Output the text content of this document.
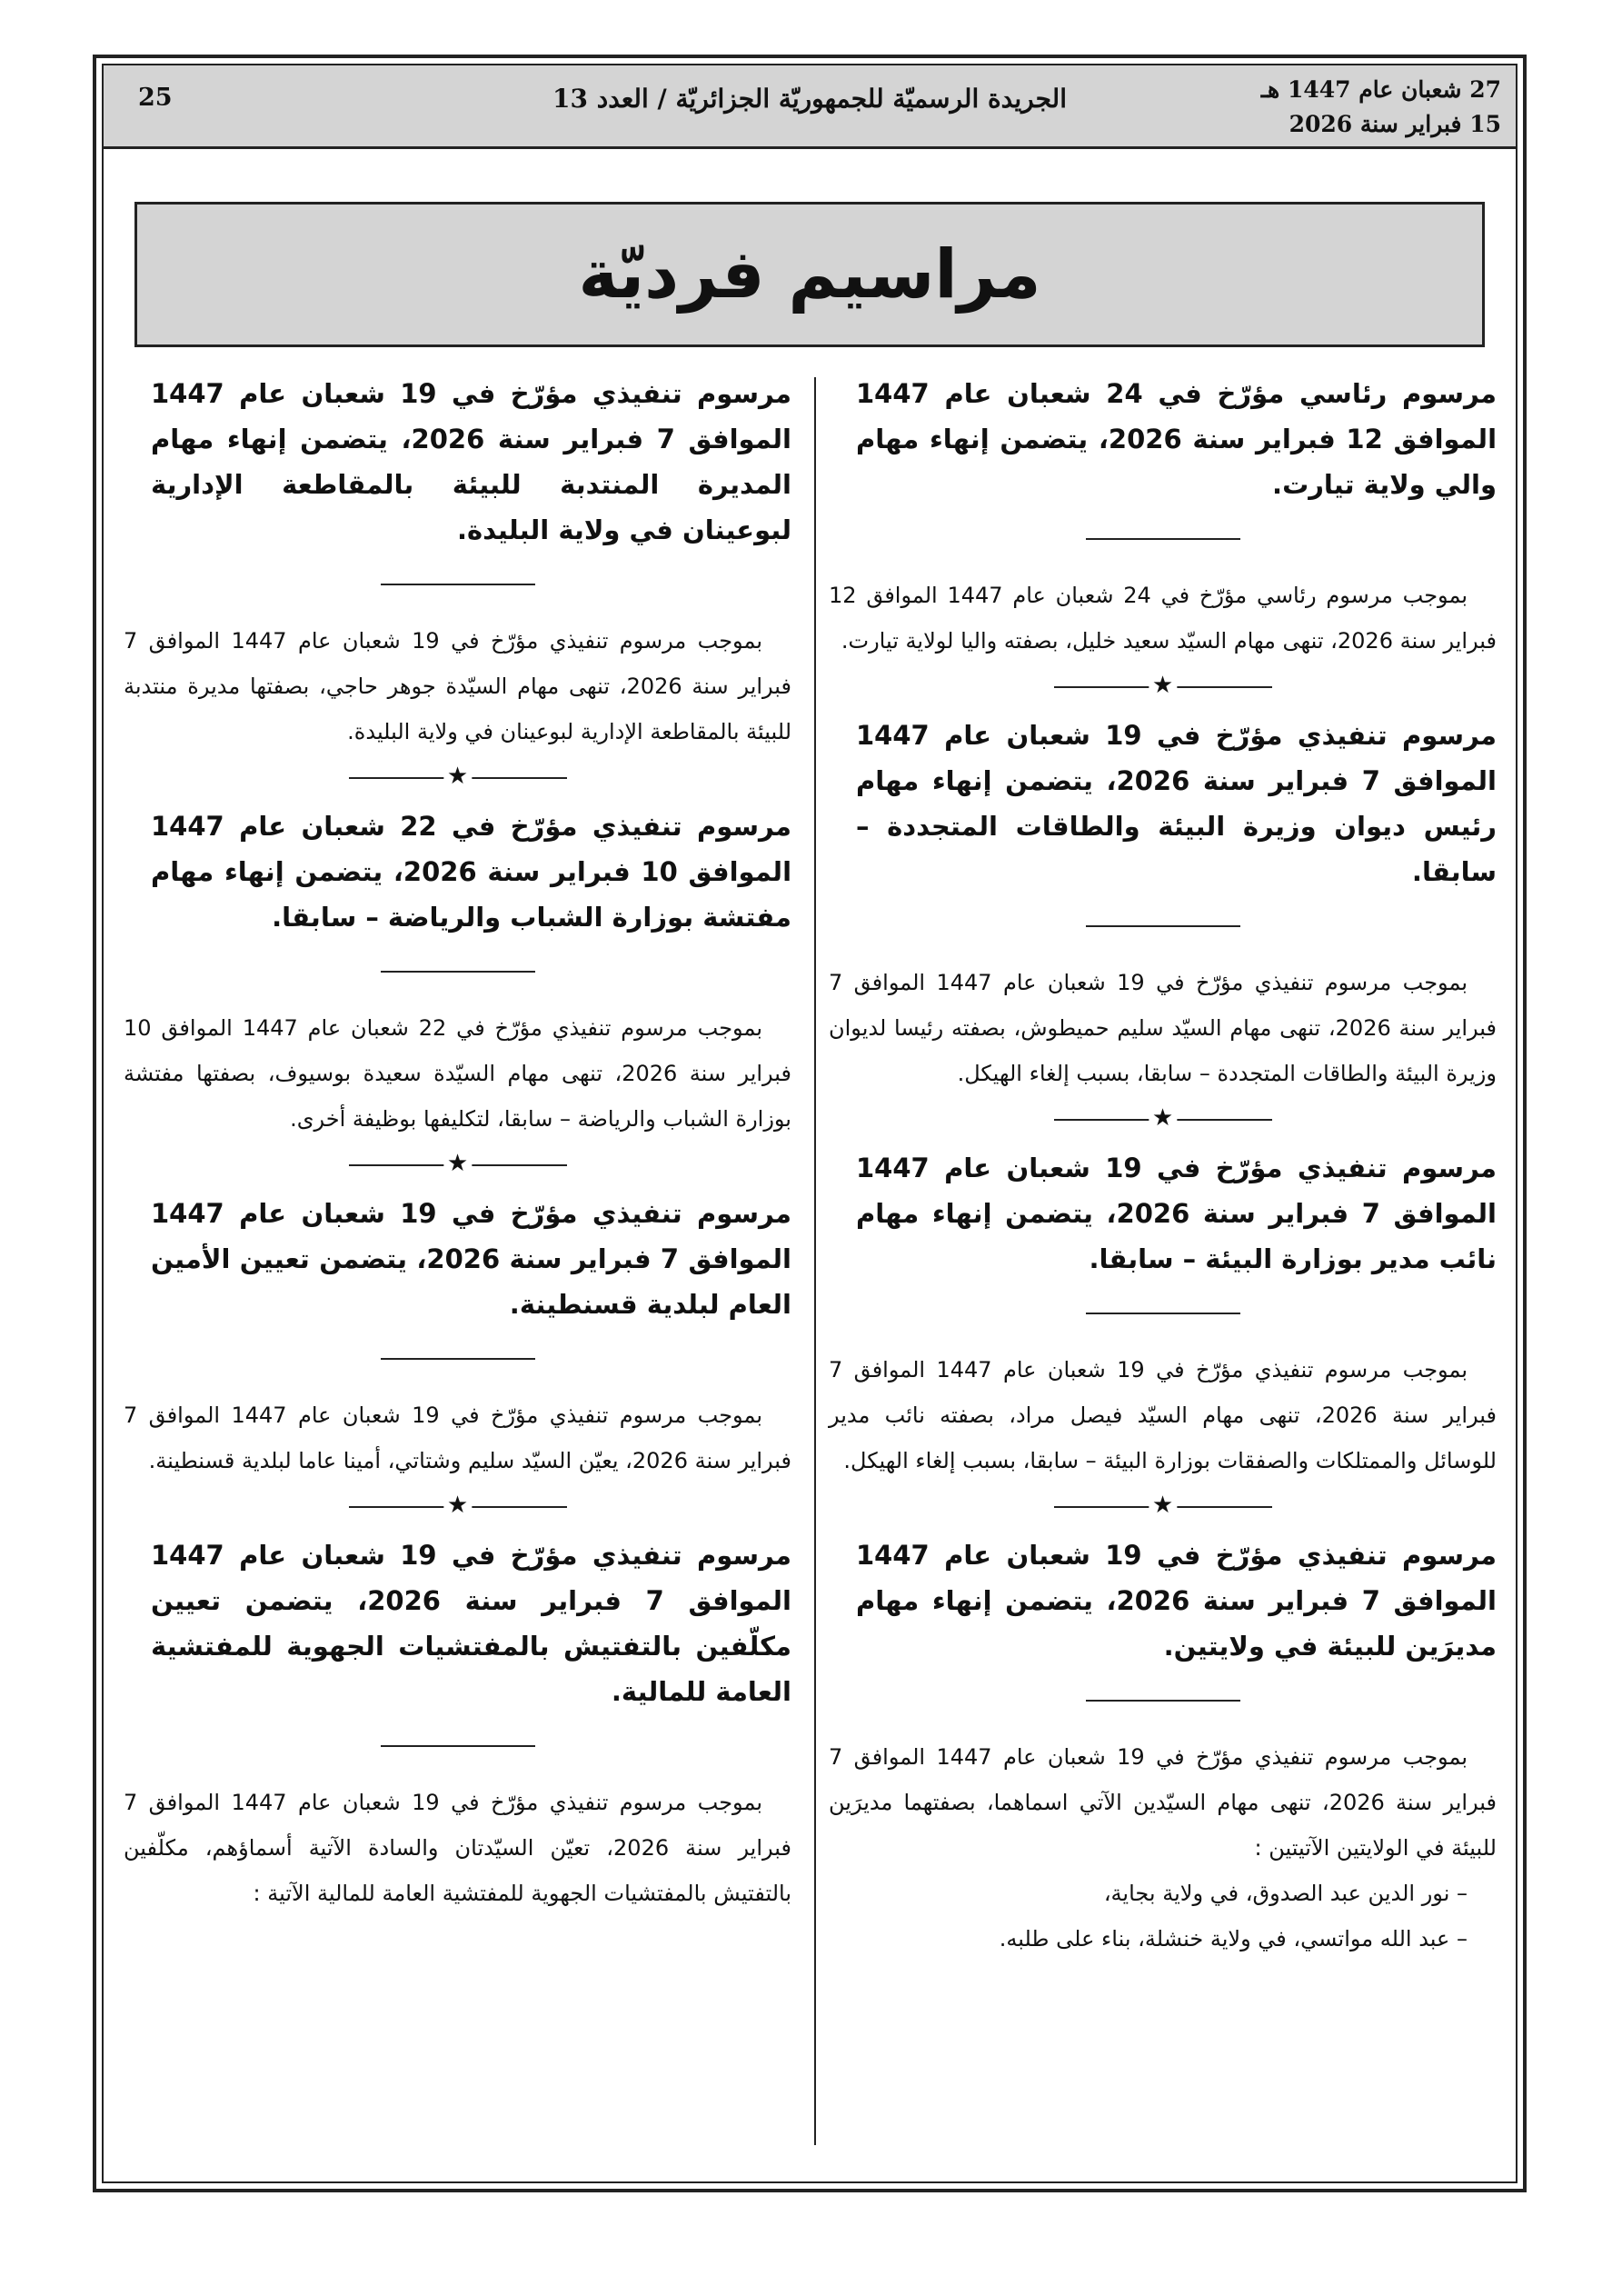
25	الجريدة الرسميّة للجمهوريّة الجزائريّة / العدد 13	27 شعبان عام 1447 هـ
15 فبراير سنة 2026
مراسيم فرديّة

مرسوم رئاسي مؤرّخ في 24 شعبان عام 1447 الموافق 12 فبراير سنة 2026، يتضمن إنهاء مهام والي ولاية تيارت.

بموجب مرسوم رئاسي مؤرّخ في 24 شعبان عام 1447 الموافق 12 فبراير سنة 2026، تنهى مهام السيّد سعيد خليل، بصفته واليا لولاية تيارت.

★

مرسوم تنفيذي مؤرّخ في 19 شعبان عام 1447 الموافق 7 فبراير سنة 2026، يتضمن إنهاء مهام رئيس ديوان وزيرة البيئة والطاقات المتجددة – سابقا.

بموجب مرسوم تنفيذي مؤرّخ في 19 شعبان عام 1447 الموافق 7 فبراير سنة 2026، تنهى مهام السيّد سليم حميطوش، بصفته رئيسا لديوان وزيرة البيئة والطاقات المتجددة – سابقا، بسبب إلغاء الهيكل.

★

مرسوم تنفيذي مؤرّخ في 19 شعبان عام 1447 الموافق 7 فبراير سنة 2026، يتضمن إنهاء مهام نائب مدير بوزارة البيئة – سابقا.

بموجب مرسوم تنفيذي مؤرّخ في 19 شعبان عام 1447 الموافق 7 فبراير سنة 2026، تنهى مهام السيّد فيصل مراد، بصفته نائب مدير للوسائل والممتلكات والصفقات بوزارة البيئة – سابقا، بسبب إلغاء الهيكل.

★

مرسوم تنفيذي مؤرّخ في 19 شعبان عام 1447 الموافق 7 فبراير سنة 2026، يتضمن إنهاء مهام مديرَين للبيئة في ولايتين.

بموجب مرسوم تنفيذي مؤرّخ في 19 شعبان عام 1447 الموافق 7 فبراير سنة 2026، تنهى مهام السيّدين الآتي اسماهما، بصفتهما مديرَين للبيئة في الولايتين الآتيتين :

– نور الدين عبد الصدوق، في ولاية بجاية،

– عبد الله مواتسي، في ولاية خنشلة، بناء على طلبه.

مرسوم تنفيذي مؤرّخ في 19 شعبان عام 1447 الموافق 7 فبراير سنة 2026، يتضمن إنهاء مهام المديرة المنتدبة للبيئة بالمقاطعة الإدارية لبوعينان في ولاية البليدة.

بموجب مرسوم تنفيذي مؤرّخ في 19 شعبان عام 1447 الموافق 7 فبراير سنة 2026، تنهى مهام السيّدة جوهر حاجي، بصفتها مديرة منتدبة للبيئة بالمقاطعة الإدارية لبوعينان في ولاية البليدة.

★

مرسوم تنفيذي مؤرّخ في 22 شعبان عام 1447 الموافق 10 فبراير سنة 2026، يتضمن إنهاء مهام مفتشة بوزارة الشباب والرياضة – سابقا.

بموجب مرسوم تنفيذي مؤرّخ في 22 شعبان عام 1447 الموافق 10 فبراير سنة 2026، تنهى مهام السيّدة سعيدة بوسيوف، بصفتها مفتشة بوزارة الشباب والرياضة – سابقا، لتكليفها بوظيفة أخرى.

★

مرسوم تنفيذي مؤرّخ في 19 شعبان عام 1447 الموافق 7 فبراير سنة 2026، يتضمن تعيين الأمين العام لبلدية قسنطينة.

بموجب مرسوم تنفيذي مؤرّخ في 19 شعبان عام 1447 الموافق 7 فبراير سنة 2026، يعيّن السيّد سليم وشتاتي، أمينا عاما لبلدية قسنطينة.

★

مرسوم تنفيذي مؤرّخ في 19 شعبان عام 1447 الموافق 7 فبراير سنة 2026، يتضمن تعيين مكلّفين بالتفتيش بالمفتشيات الجهوية للمفتشية العامة للمالية.

بموجب مرسوم تنفيذي مؤرّخ في 19 شعبان عام 1447 الموافق 7 فبراير سنة 2026، تعيّن السيّدتان والسادة الآتية أسماؤهم، مكلّفين بالتفتيش بالمفتشيات الجهوية للمفتشية العامة للمالية الآتية :
